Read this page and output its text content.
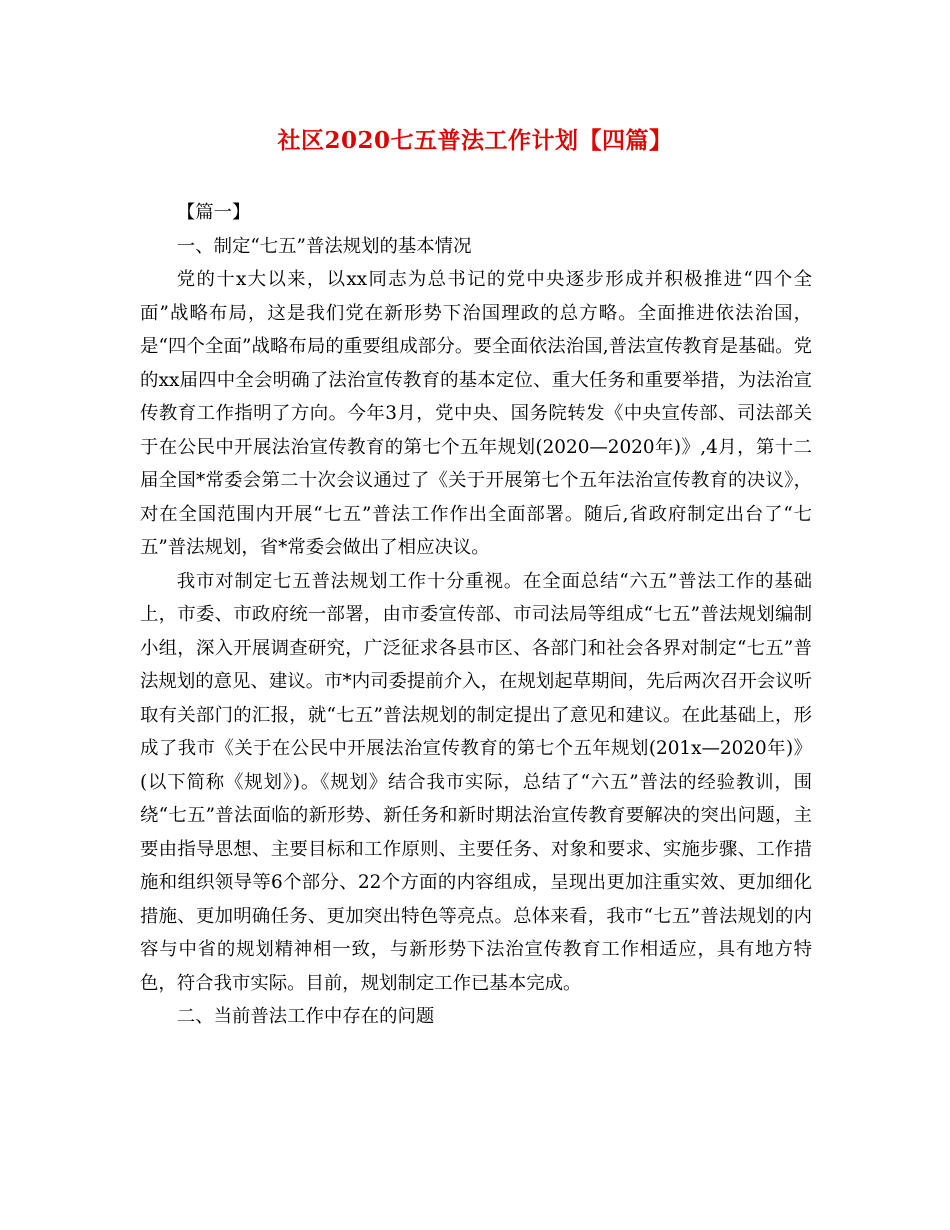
社区2020七五普法工作计划【四篇】

【篇一】

一、制定“七五”普法规划的基本情况

党的十x大以来，以xx同志为总书记的党中央逐步形成并积极推进“四个全面”战略布局，这是我们党在新形势下治国理政的总方略。全面推进依法治国，是“四个全面”战略布局的重要组成部分。要全面依法治国,普法宣传教育是基础。党的xx届四中全会明确了法治宣传教育的基本定位、重大任务和重要举措，为法治宣传教育工作指明了方向。今年3月，党中央、国务院转发《中央宣传部、司法部关于在公民中开展法治宣传教育的第七个五年规划(2020—2020年)》,4月，第十二届全国*常委会第二十次会议通过了《关于开展第七个五年法治宣传教育的决议》，对在全国范围内开展“七五”普法工作作出全面部署。随后,省政府制定出台了“七五”普法规划，省*常委会做出了相应决议。

我市对制定七五普法规划工作十分重视。在全面总结“六五”普法工作的基础上，市委、市政府统一部署，由市委宣传部、市司法局等组成“七五”普法规划编制小组，深入开展调查研究，广泛征求各县市区、各部门和社会各界对制定“七五”普法规划的意见、建议。市*内司委提前介入，在规划起草期间，先后两次召开会议听取有关部门的汇报，就“七五”普法规划的制定提出了意见和建议。在此基础上，形成了我市《关于在公民中开展法治宣传教育的第七个五年规划(201x—2020年)》(以下简称《规划》)。《规划》结合我市实际，总结了“六五”普法的经验教训，围绕“七五”普法面临的新形势、新任务和新时期法治宣传教育要解决的突出问题，主要由指导思想、主要目标和工作原则、主要任务、对象和要求、实施步骤、工作措施和组织领导等6个部分、22个方面的内容组成，呈现出更加注重实效、更加细化措施、更加明确任务、更加突出特色等亮点。总体来看，我市“七五”普法规划的内容与中省的规划精神相一致，与新形势下法治宣传教育工作相适应，具有地方特色，符合我市实际。目前，规划制定工作已基本完成。

二、当前普法工作中存在的问题
